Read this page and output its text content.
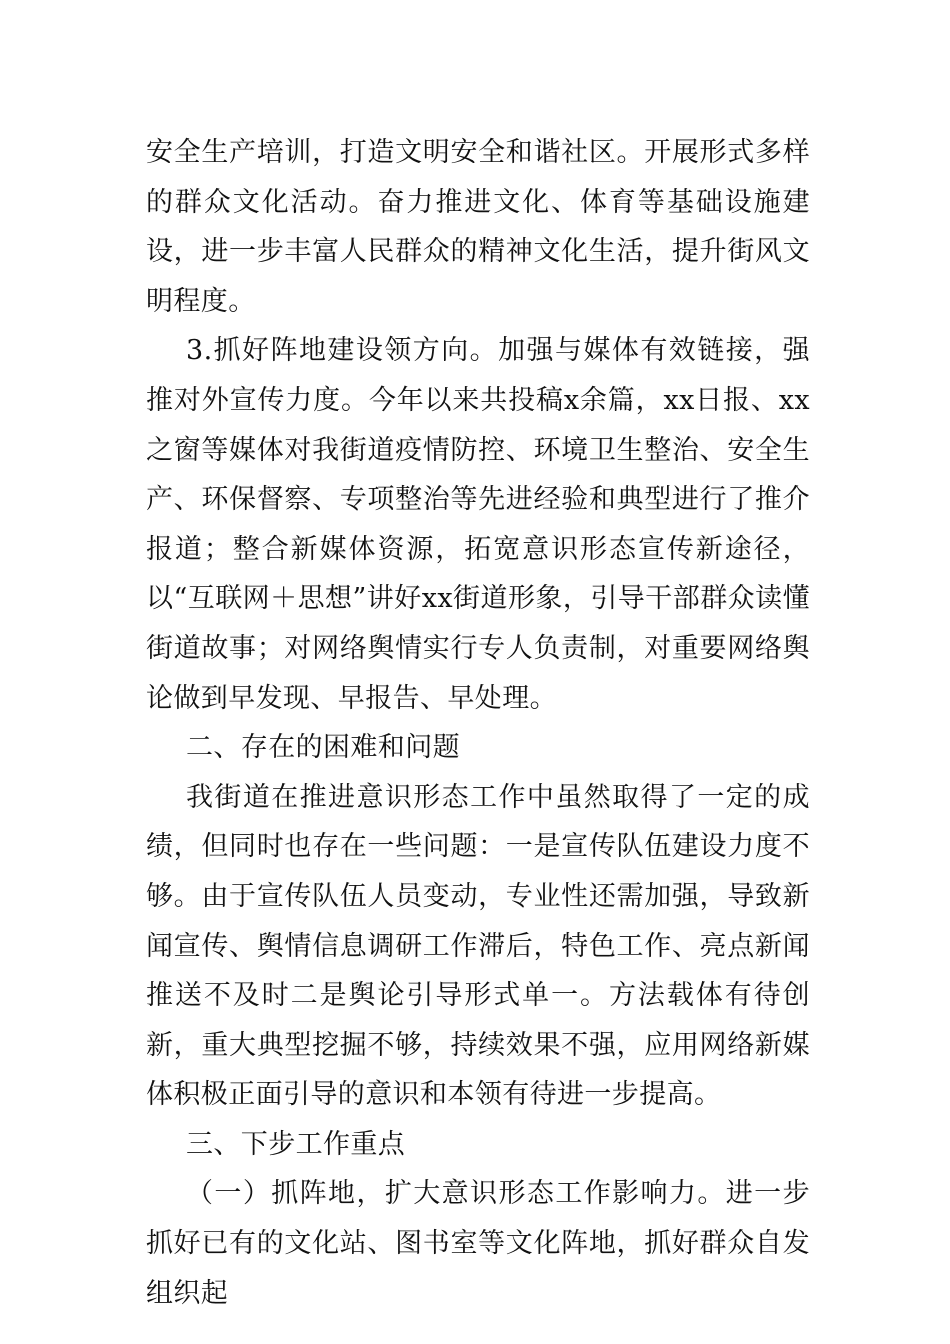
安全生产培训，打造文明安全和谐社区。开展形式多样的群众文化活动。奋力推进文化、体育等基础设施建设，进一步丰富人民群众的精神文化生活，提升街风文明程度。

3.抓好阵地建设领方向。加强与媒体有效链接，强推对外宣传力度。今年以来共投稿x余篇，xx日报、xx之窗等媒体对我街道疫情防控、环境卫生整治、安全生产、环保督察、专项整治等先进经验和典型进行了推介报道；整合新媒体资源，拓宽意识形态宣传新途径，以“互联网＋思想”讲好xx街道形象，引导干部群众读懂街道故事；对网络舆情实行专人负责制，对重要网络舆论做到早发现、早报告、早处理。

二、存在的困难和问题

我街道在推进意识形态工作中虽然取得了一定的成绩，但同时也存在一些问题：一是宣传队伍建设力度不够。由于宣传队伍人员变动，专业性还需加强，导致新闻宣传、舆情信息调研工作滞后，特色工作、亮点新闻推送不及时二是舆论引导形式单一。方法载体有待创新，重大典型挖掘不够，持续效果不强，应用网络新媒体积极正面引导的意识和本领有待进一步提高。

三、下步工作重点

（一）抓阵地，扩大意识形态工作影响力。进一步抓好已有的文化站、图书室等文化阵地，抓好群众自发组织起
